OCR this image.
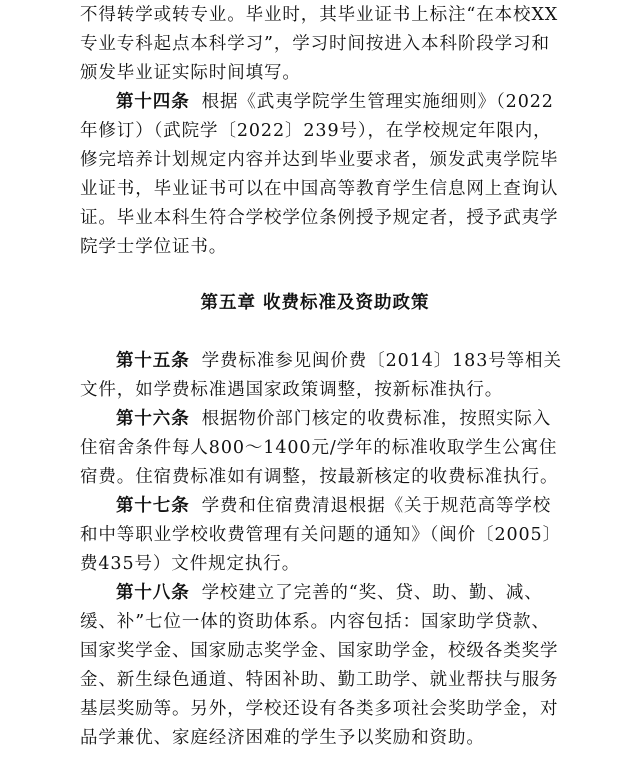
不得转学或转专业。毕业时，其毕业证书上标注“在本校XX
专业专科起点本科学习”，学习时间按进入本科阶段学习和
颁发毕业证实际时间填写。
第十四条 根据《武夷学院学生管理实施细则》（2022
年修订）（武院学〔2022〕239号），在学校规定年限内，
修完培养计划规定内容并达到毕业要求者，颁发武夷学院毕
业证书，毕业证书可以在中国高等教育学生信息网上查询认
证。毕业本科生符合学校学位条例授予规定者，授予武夷学
院学士学位证书。
第五章 收费标准及资助政策
第十五条 学费标准参见闽价费〔2014〕183号等相关
文件，如学费标准遇国家政策调整，按新标准执行。
第十六条 根据物价部门核定的收费标准，按照实际入
住宿舍条件每人800～1400元/学年的标准收取学生公寓住
宿费。住宿费标准如有调整，按最新核定的收费标准执行。
第十七条 学费和住宿费清退根据《关于规范高等学校
和中等职业学校收费管理有关问题的通知》（闽价〔2005〕
费435号）文件规定执行。
第十八条 学校建立了完善的“奖、贷、助、勤、减、
缓、补”七位一体的资助体系。内容包括：国家助学贷款、
国家奖学金、国家励志奖学金、国家助学金，校级各类奖学
金、新生绿色通道、特困补助、勤工助学、就业帮扶与服务
基层奖励等。另外，学校还设有各类多项社会奖助学金，对
品学兼优、家庭经济困难的学生予以奖励和资助。
